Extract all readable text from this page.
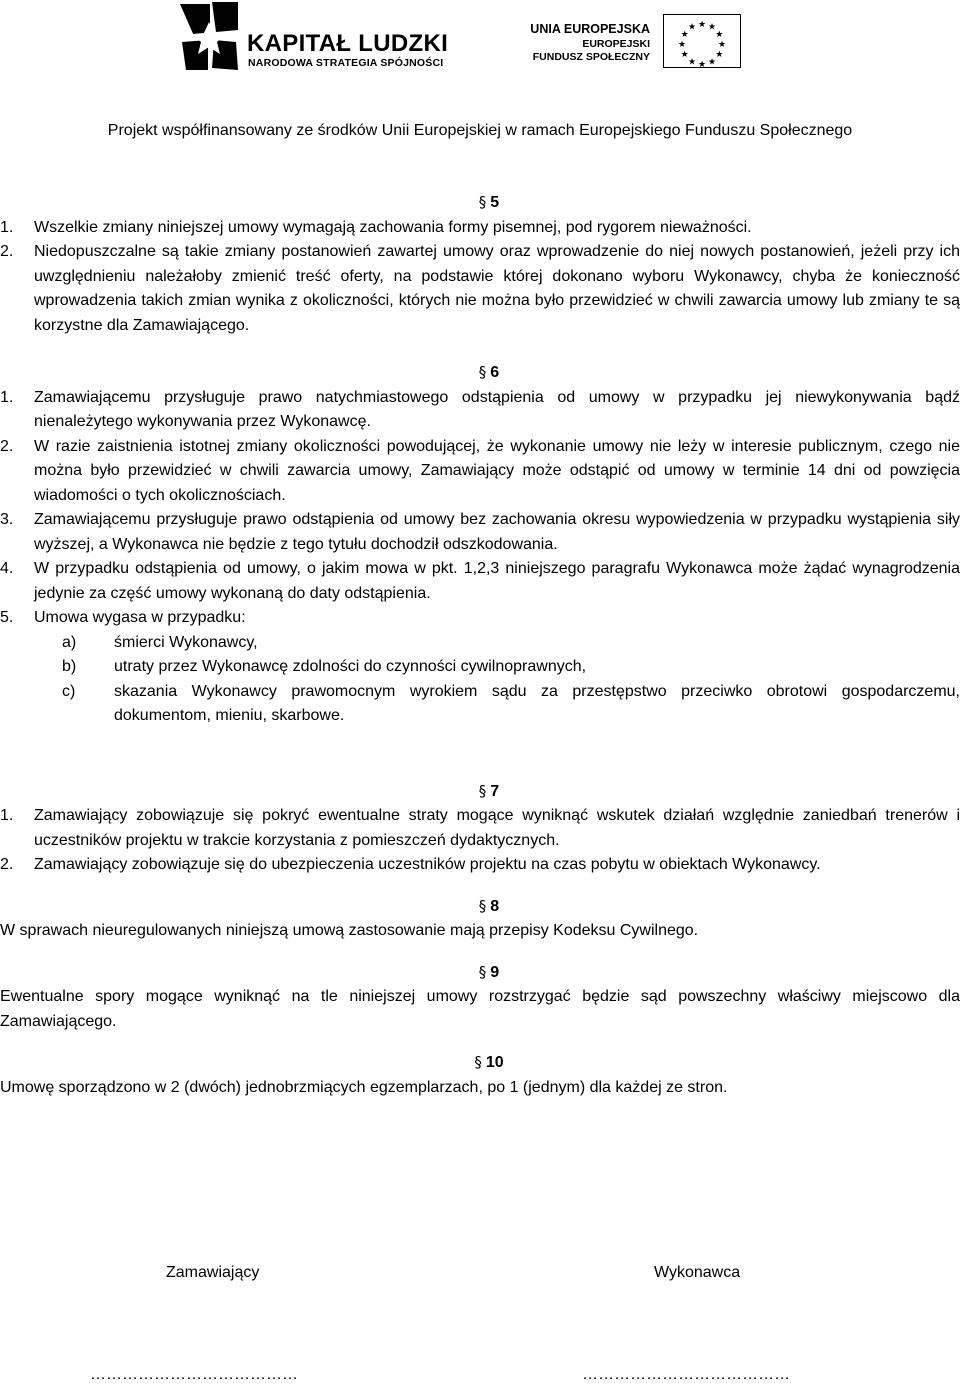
KAPITAŁ LUDZKI
NARODOWA STRATEGIA SPÓJNOŚCI
UNIA EUROPEJSKA
EUROPEJSKI
FUNDUSZ SPOŁECZNY
★ ★
★
★
★
★
★
★
★
★
★
★
Projekt współfinansowany ze środków Unii Europejskiej w ramach Europejskiego Funduszu Społecznego
§ 5
1.	Wszelkie zmiany niniejszej umowy wymagają zachowania formy pisemnej, pod rygorem nieważności.
2.	Niedopuszczalne są takie zmiany postanowień zawartej umowy oraz wprowadzenie do niej nowych postanowień, jeżeli przy ich uwzględnieniu należałoby zmienić treść oferty, na podstawie której dokonano wyboru Wykonawcy, chyba że konieczność wprowadzenia takich zmian wynika z okoliczności, których nie można było przewidzieć w chwili zawarcia umowy lub zmiany te są korzystne dla Zamawiającego.
§ 6
1.	Zamawiającemu przysługuje prawo natychmiastowego odstąpienia od umowy w przypadku jej niewykonywania bądź nienależytego wykonywania przez Wykonawcę.
2.	W razie zaistnienia istotnej zmiany okoliczności powodującej, że wykonanie umowy nie leży w interesie publicznym, czego nie można było przewidzieć w chwili zawarcia umowy, Zamawiający może odstąpić od umowy w terminie 14 dni od powzięcia wiadomości o tych okolicznościach.
3.	Zamawiającemu przysługuje prawo odstąpienia od umowy bez zachowania okresu wypowiedzenia w przypadku wystąpienia siły wyższej, a Wykonawca nie będzie z tego tytułu dochodził odszkodowania.
4.	W przypadku odstąpienia od umowy, o jakim mowa w pkt. 1,2,3 niniejszego paragrafu Wykonawca może żądać wynagrodzenia jedynie za część umowy wykonaną do daty odstąpienia.
5.	Umowa wygasa w przypadku:
a)	śmierci Wykonawcy,
b)	utraty przez Wykonawcę zdolności do czynności cywilnoprawnych,
c)	skazania Wykonawcy prawomocnym wyrokiem sądu za przestępstwo przeciwko obrotowi gospodarczemu, dokumentom, mieniu, skarbowe.
§ 7
1.	Zamawiający zobowiązuje się pokryć ewentualne straty mogące wyniknąć wskutek działań względnie zaniedbań trenerów i uczestników projektu w trakcie korzystania z pomieszczeń dydaktycznych.
2.	Zamawiający zobowiązuje się do ubezpieczenia uczestników projektu na czas pobytu w obiektach Wykonawcy.
§ 8
W sprawach nieuregulowanych niniejszą umową zastosowanie mają przepisy Kodeksu Cywilnego.
§ 9
Ewentualne spory mogące wyniknąć na tle niniejszej umowy rozstrzygać będzie sąd powszechny właściwy miejscowo dla Zamawiającego.
§ 10
Umowę sporządzono w 2 (dwóch) jednobrzmiących egzemplarzach, po 1 (jednym) dla każdej ze stron.
Zamawiający	Wykonawca
…………………………………	…………………………………
